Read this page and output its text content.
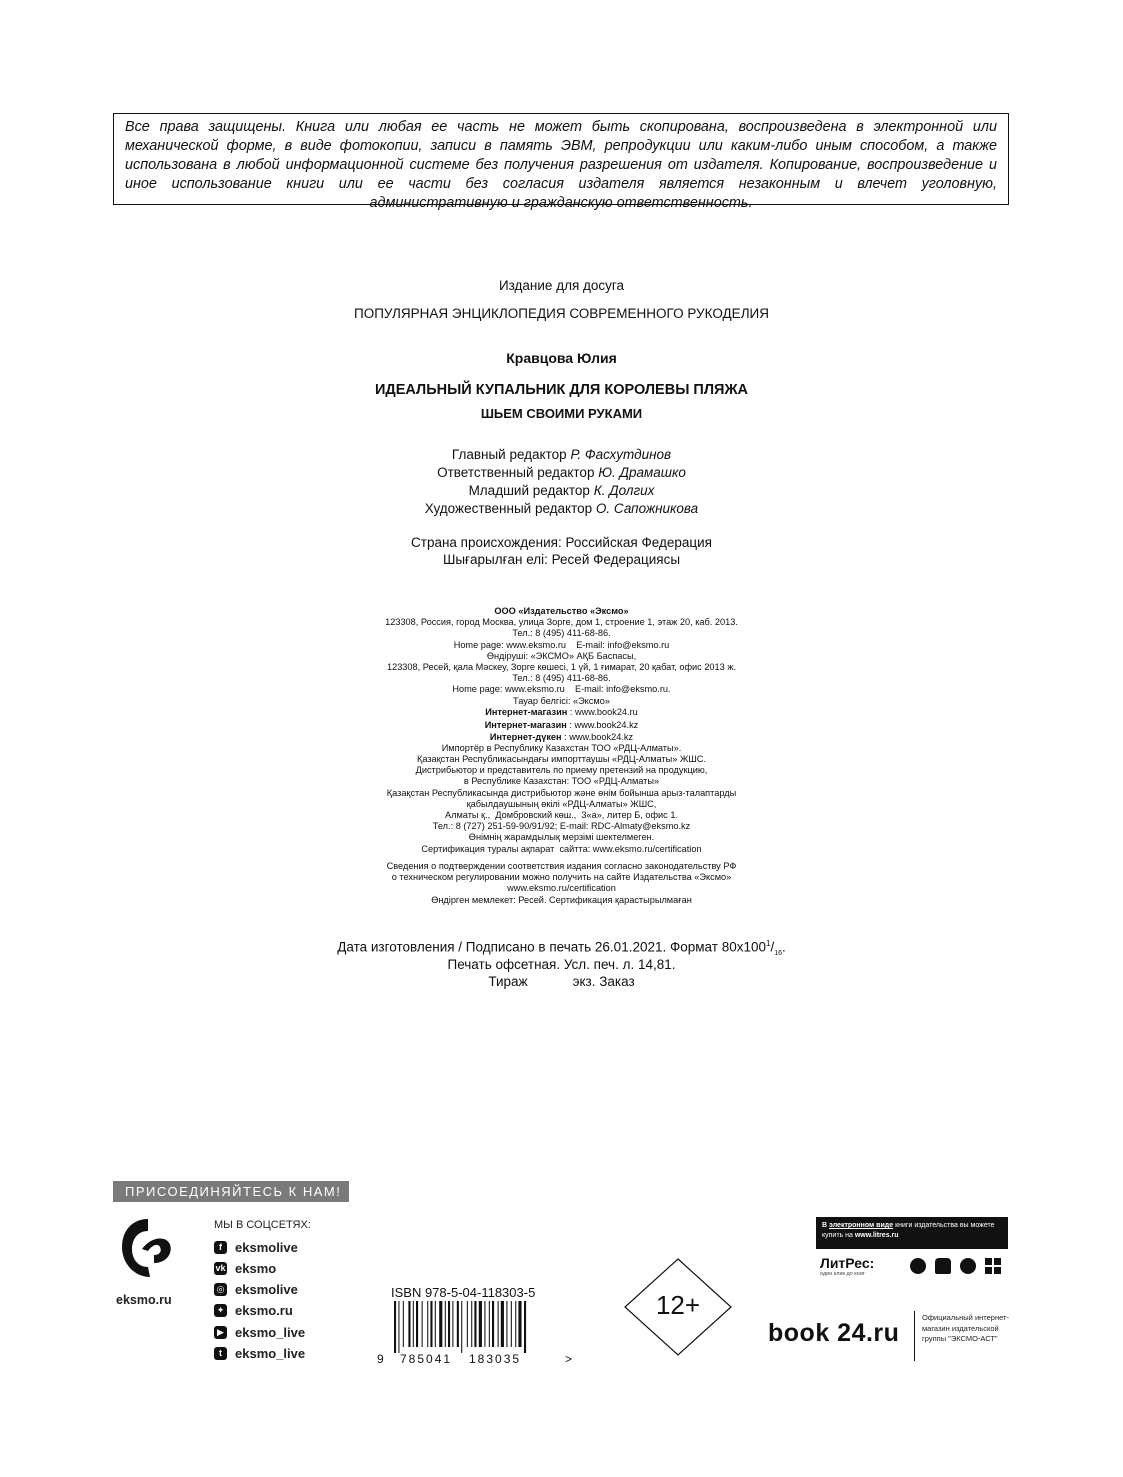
Все права защищены. Книга или любая ее часть не может быть скопирована, воспроизведена в электронной или механической форме, в виде фотокопии, записи в память ЭВМ, репродукции или каким-либо иным способом, а также использована в любой информационной системе без получения разрешения от издателя. Копирование, воспроизведение и иное использование книги или ее части без согласия издателя является незаконным и влечет уголовную, административную и гражданскую ответственность.
Издание для досуга
ПОПУЛЯРНАЯ ЭНЦИКЛОПЕДИЯ СОВРЕМЕННОГО РУКОДЕЛИЯ
Кравцова Юлия
ИДЕАЛЬНЫЙ КУПАЛЬНИК ДЛЯ КОРОЛЕВЫ ПЛЯЖА
ШЬЕМ СВОИМИ РУКАМИ
Главный редактор Р. Фасхутдинов
Ответственный редактор Ю. Драмашко
Младший редактор К. Долгих
Художественный редактор О. Сапожникова
Страна происхождения: Российская Федерация
Шығарылған елі: Ресей Федерациясы
ООО «Издательство «Эксмо»
123308, Россия, город Москва, улица Зорге, дом 1, строение 1, этаж 20, каб. 2013.
Тел.: 8 (495) 411-68-86.
Home page: www.eksmo.ru    E-mail: info@eksmo.ru
Өндіруші: «ЭКСМО» АҚБ Баспасы,
123308, Ресей, қала Мәскеу, Зорге көшесі, 1 үй, 1 ғимарат, 20 қабат, офис 2013 ж.
Тел.: 8 (495) 411-68-86.
Home page: www.eksmo.ru    E-mail: info@eksmo.ru.
Тауар белгісі: «Эксмо»
Интернет-магазин : www.book24.ru
Интернет-магазин : www.book24.kz
Интернет-дүкен : www.book24.kz
Импортёр в Республику Казахстан ТОО «РДЦ-Алматы».
Қазақстан Республикасындағы импорттаушы «РДЦ-Алматы» ЖШС.
Дистрибьютор и представитель по приему претензий на продукцию,
в Республике Казахстан: ТОО «РДЦ-Алматы»
Қазақстан Республикасында дистрибьютор және өнім бойынша арыз-талаптарды
қабылдаушының өкілі «РДЦ-Алматы» ЖШС,
Алматы қ.,  Домбровский көш.,  3«а», литер Б, офис 1.
Тел.: 8 (727) 251-59-90/91/92; E-mail: RDC-Almaty@eksmo.kz
Өнімнің жарамдылық мерзімі шектелмеген.
Сертификация туралы ақпарат  сайтта: www.eksmo.ru/certification
Сведения о подтверждении соответствия издания согласно законодательству РФ
о техническом регулировании можно получить на сайте Издательства «Эксмо»
www.eksmo.ru/certification
Өндірген мемлекет: Ресей. Сертификация қарастырылмаған
Дата изготовления / Подписано в печать 26.01.2021. Формат $80x100^1/_{16}$.
Печать офсетная. Усл. печ. л. 14,81.
Тираж            экз. Заказ
ПРИСОЕДИНЯЙТЕСЬ К НАМ!
eksmo.ru
МЫ В СОЦСЕТЯХ:
f	eksmolive
vk eksmo
◎ eksmolive
✦ eksmo.ru
▶ eksmo_live
t	eksmo_live
ISBN 978-5-04-118303-5
9 785041 183035	>
12+
В электронном виде книги издательства вы можете купить на www.litres.ru
ЛитРес:
один клик до книг
book 24.ru
Официальный интернет-магазин издательской группы "ЭКСМО-АСТ"
